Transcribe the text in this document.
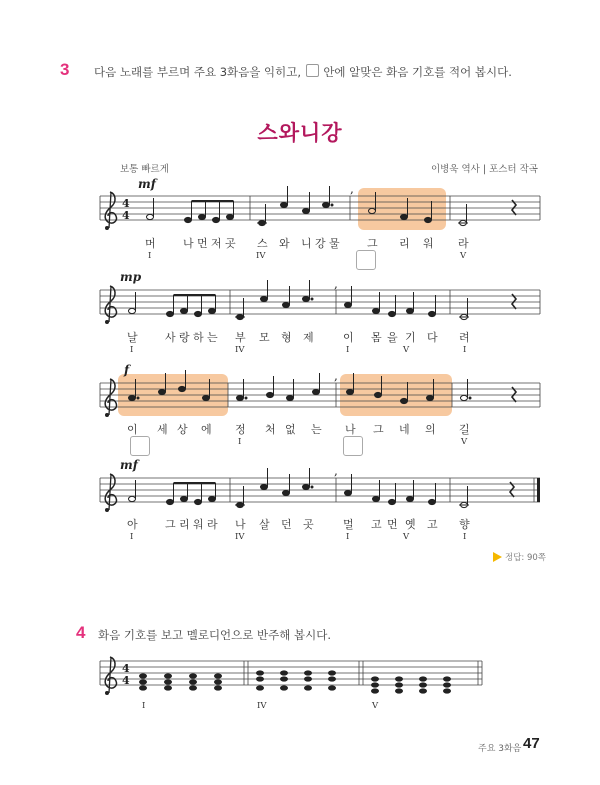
3 다음 노래를 부르며 주요 3화음을 익히고, 안에 알맞은 화음 기호를 적어 봅시다.
스와니강
보통 빠르게	이병욱 역사 | 포스터 작곡
4
4
,
,
,
,
4
4
mf
mp
f
mf
머 나 먼 저 곳 스 와 니 강 물 그 리 워 라
I	IV	V
날 사 랑 하 는 부 모 형 제	이 몸 을 기 다 려
I	IV	I	V	I
이 세 상 에 정 처 없 는 나 그 네 의 길
I	V
아 그 리 워 라 나 살 던 곳	멀 고 먼 옛 고 향
I	IV	I	V	I
정답: 90쪽
4 화음 기호를 보고 멜로디언으로 반주해 봅시다.
I	IV	V
주요 3화음 47
